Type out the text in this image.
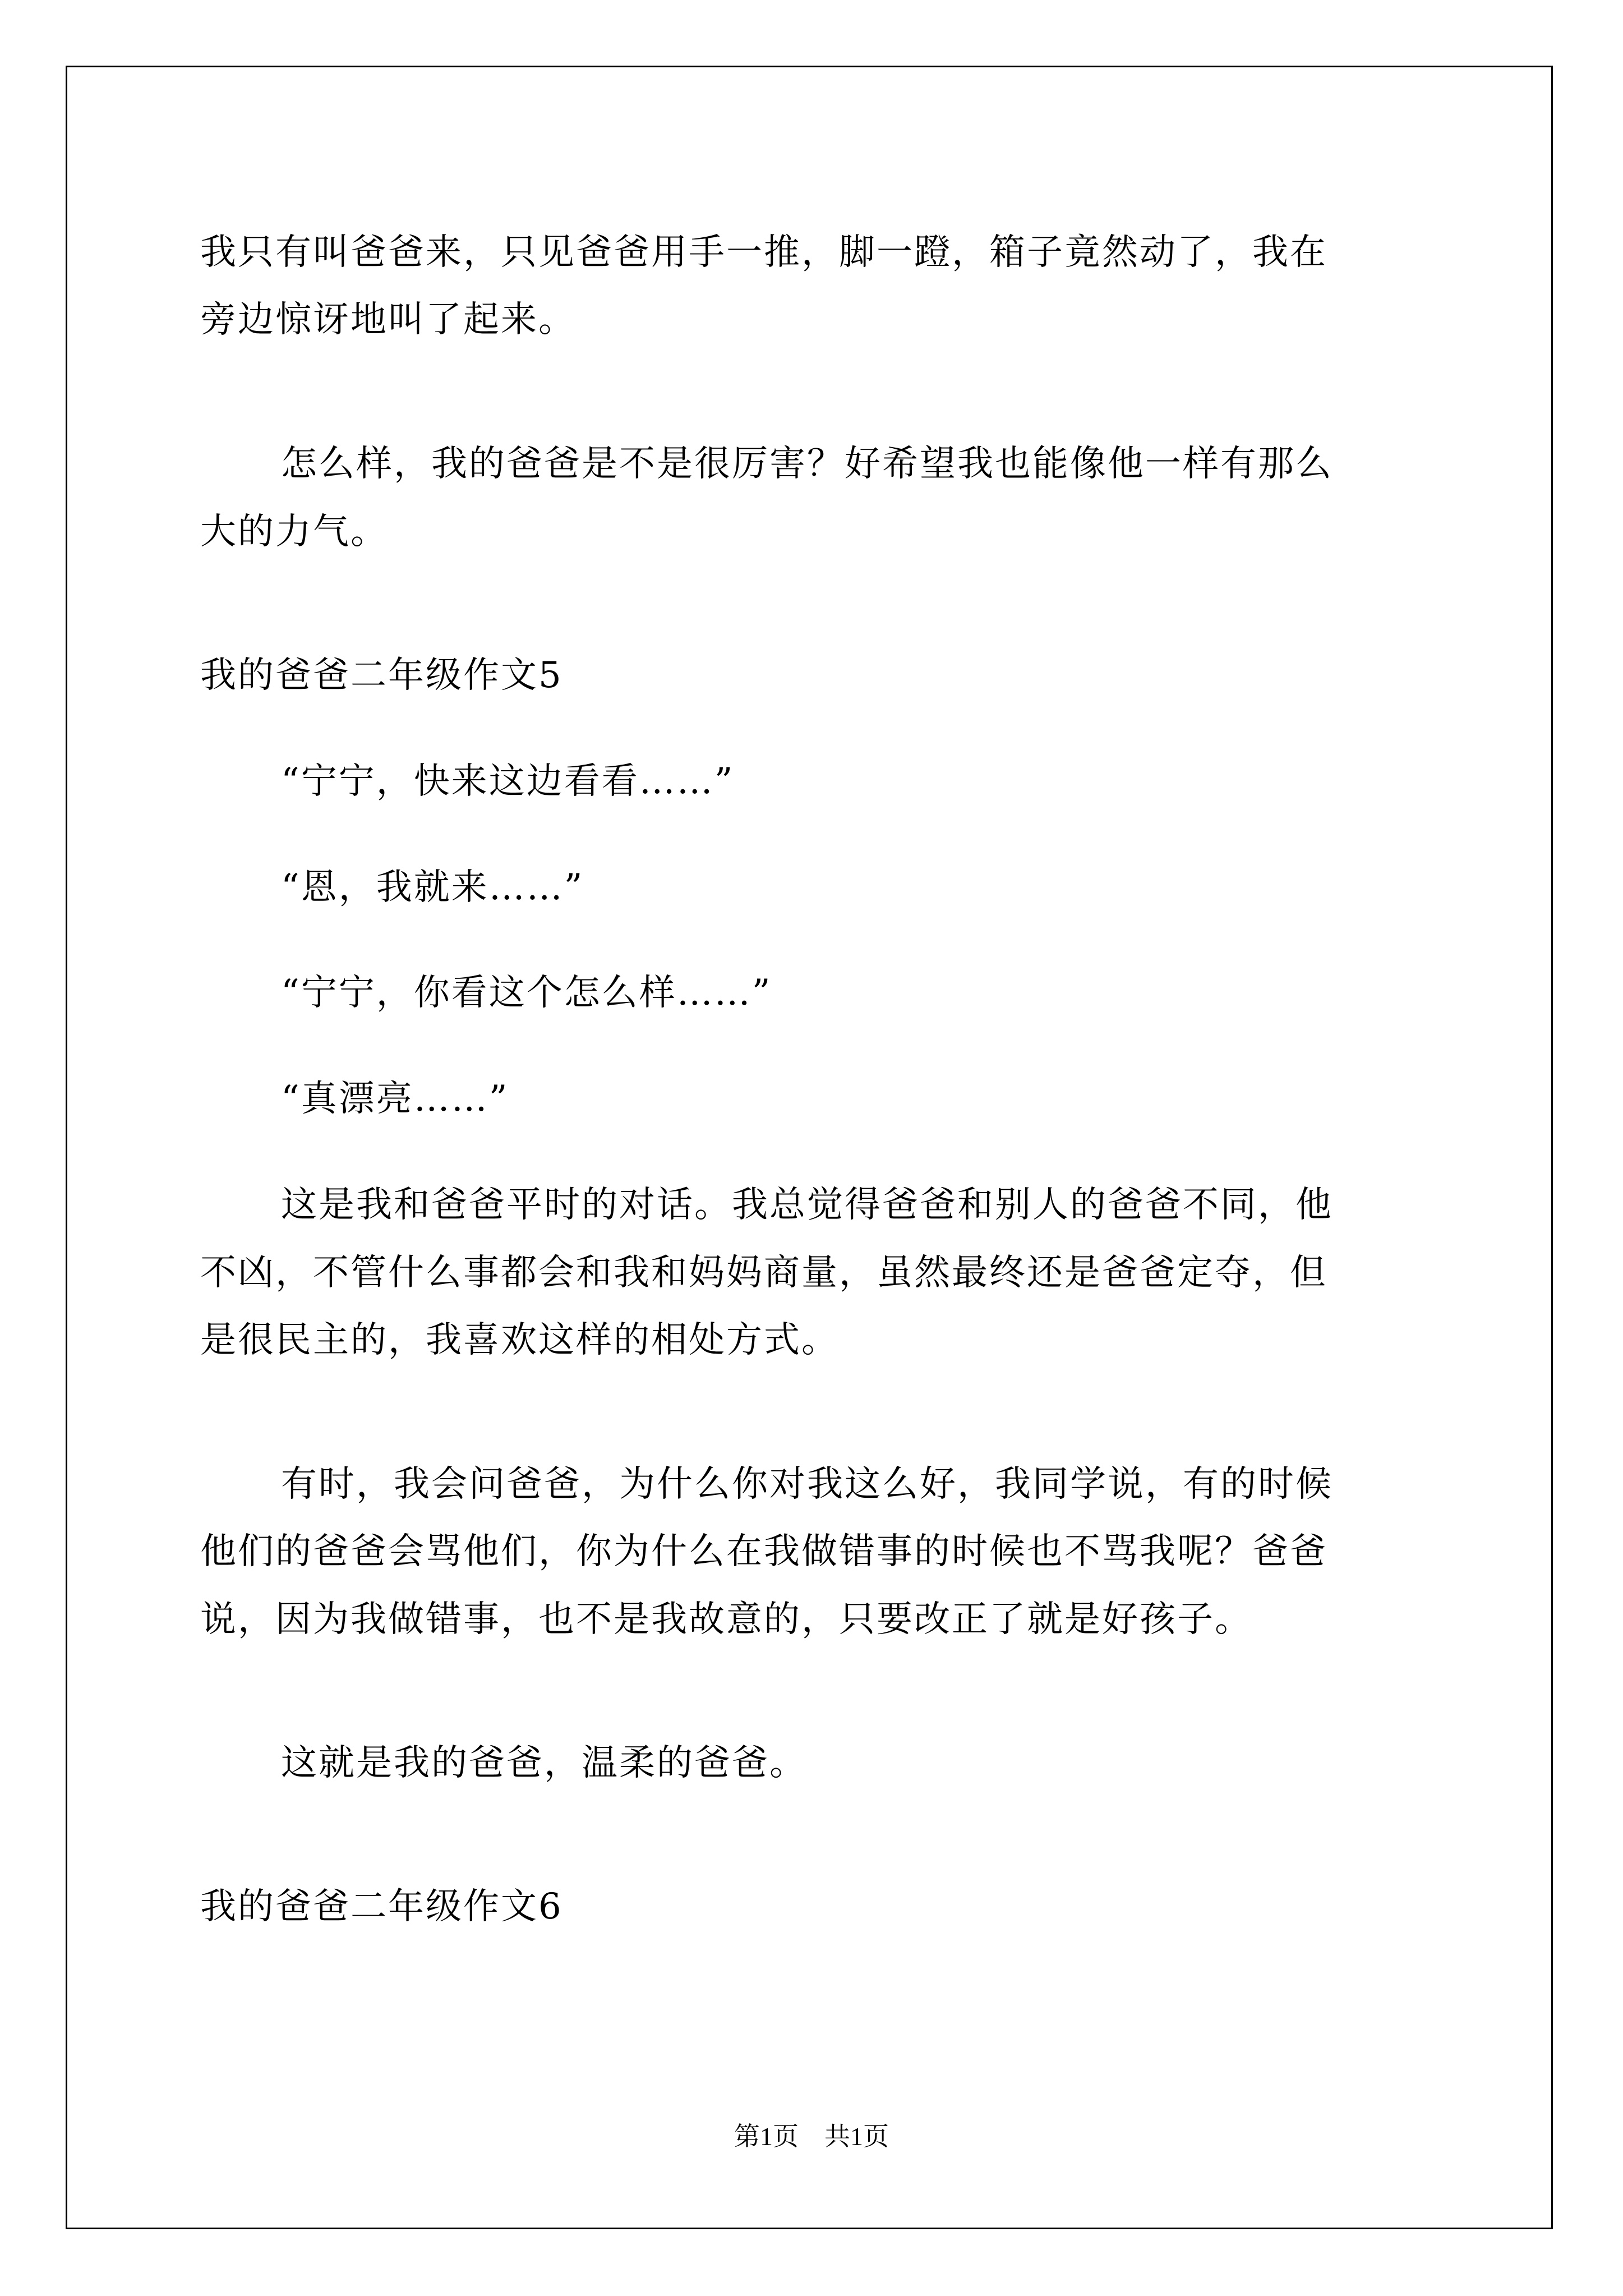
我只有叫爸爸来，只见爸爸用手一推，脚一蹬，箱子竟然动了，我在
旁边惊讶地叫了起来。
怎么样，我的爸爸是不是很厉害？好希望我也能像他一样有那么
大的力气。
我的爸爸二年级作文5
“宁宁，快来这边看看……”
“恩，我就来……”
“宁宁，你看这个怎么样……”
“真漂亮……”
这是我和爸爸平时的对话。我总觉得爸爸和别人的爸爸不同，他
不凶，不管什么事都会和我和妈妈商量，虽然最终还是爸爸定夺，但
是很民主的，我喜欢这样的相处方式。
有时，我会问爸爸，为什么你对我这么好，我同学说，有的时候
他们的爸爸会骂他们，你为什么在我做错事的时候也不骂我呢？爸爸
说，因为我做错事，也不是我故意的，只要改正了就是好孩子。
这就是我的爸爸，温柔的爸爸。
我的爸爸二年级作文6
第1页　共1页
